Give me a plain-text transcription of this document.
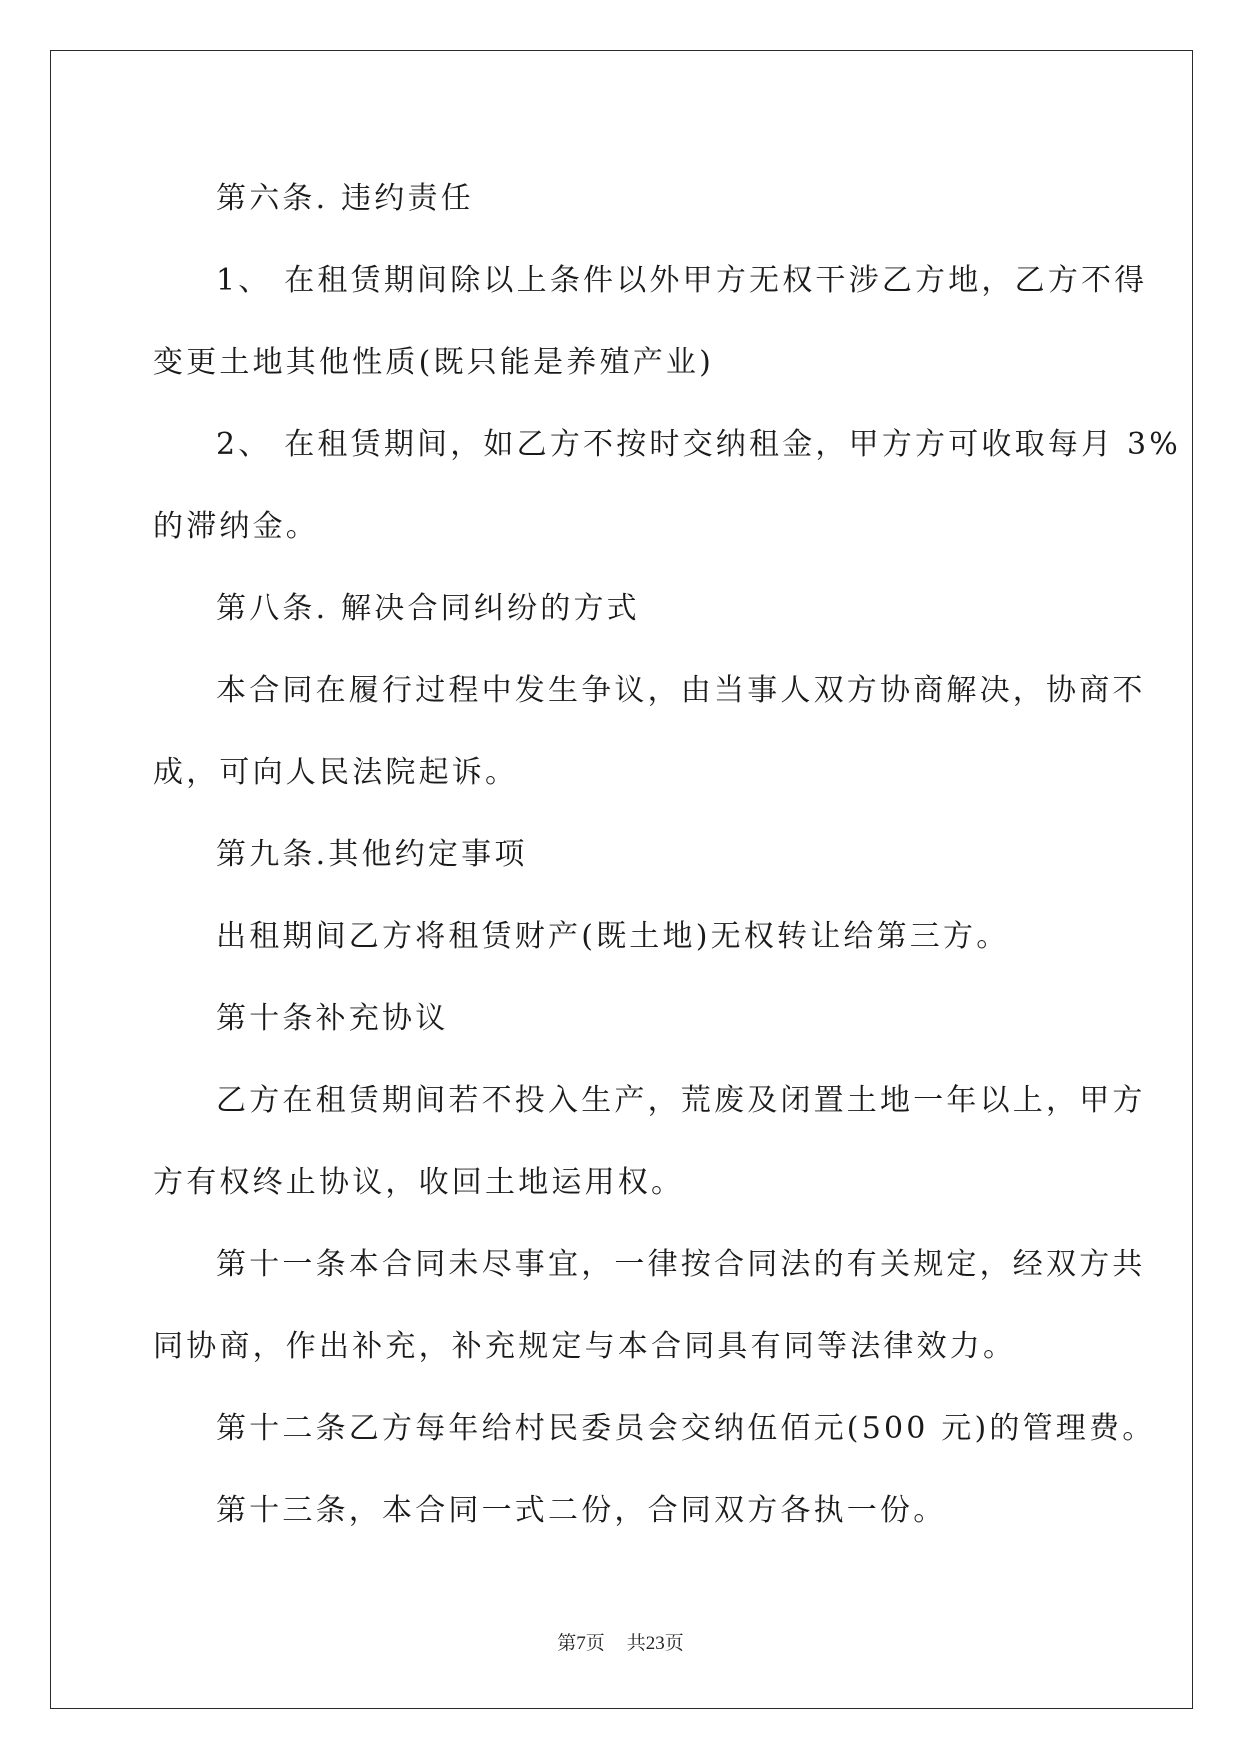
第六条. 违约责任
1、 在租赁期间除以上条件以外甲方无权干涉乙方地，乙方不得
变更土地其他性质(既只能是养殖产业)
2、 在租赁期间，如乙方不按时交纳租金，甲方方可收取每月 3%
的滞纳金。
第八条. 解决合同纠纷的方式
本合同在履行过程中发生争议，由当事人双方协商解决，协商不
成，可向人民法院起诉。
第九条.其他约定事项
出租期间乙方将租赁财产(既土地)无权转让给第三方。
第十条补充协议
乙方在租赁期间若不投入生产，荒废及闭置土地一年以上，甲方
方有权终止协议，收回土地运用权。
第十一条本合同未尽事宜，一律按合同法的有关规定，经双方共
同协商，作出补充，补充规定与本合同具有同等法律效力。
第十二条乙方每年给村民委员会交纳伍佰元(500 元)的管理费。
第十三条，本合同一式二份，合同双方各执一份。
第7页 共23页
